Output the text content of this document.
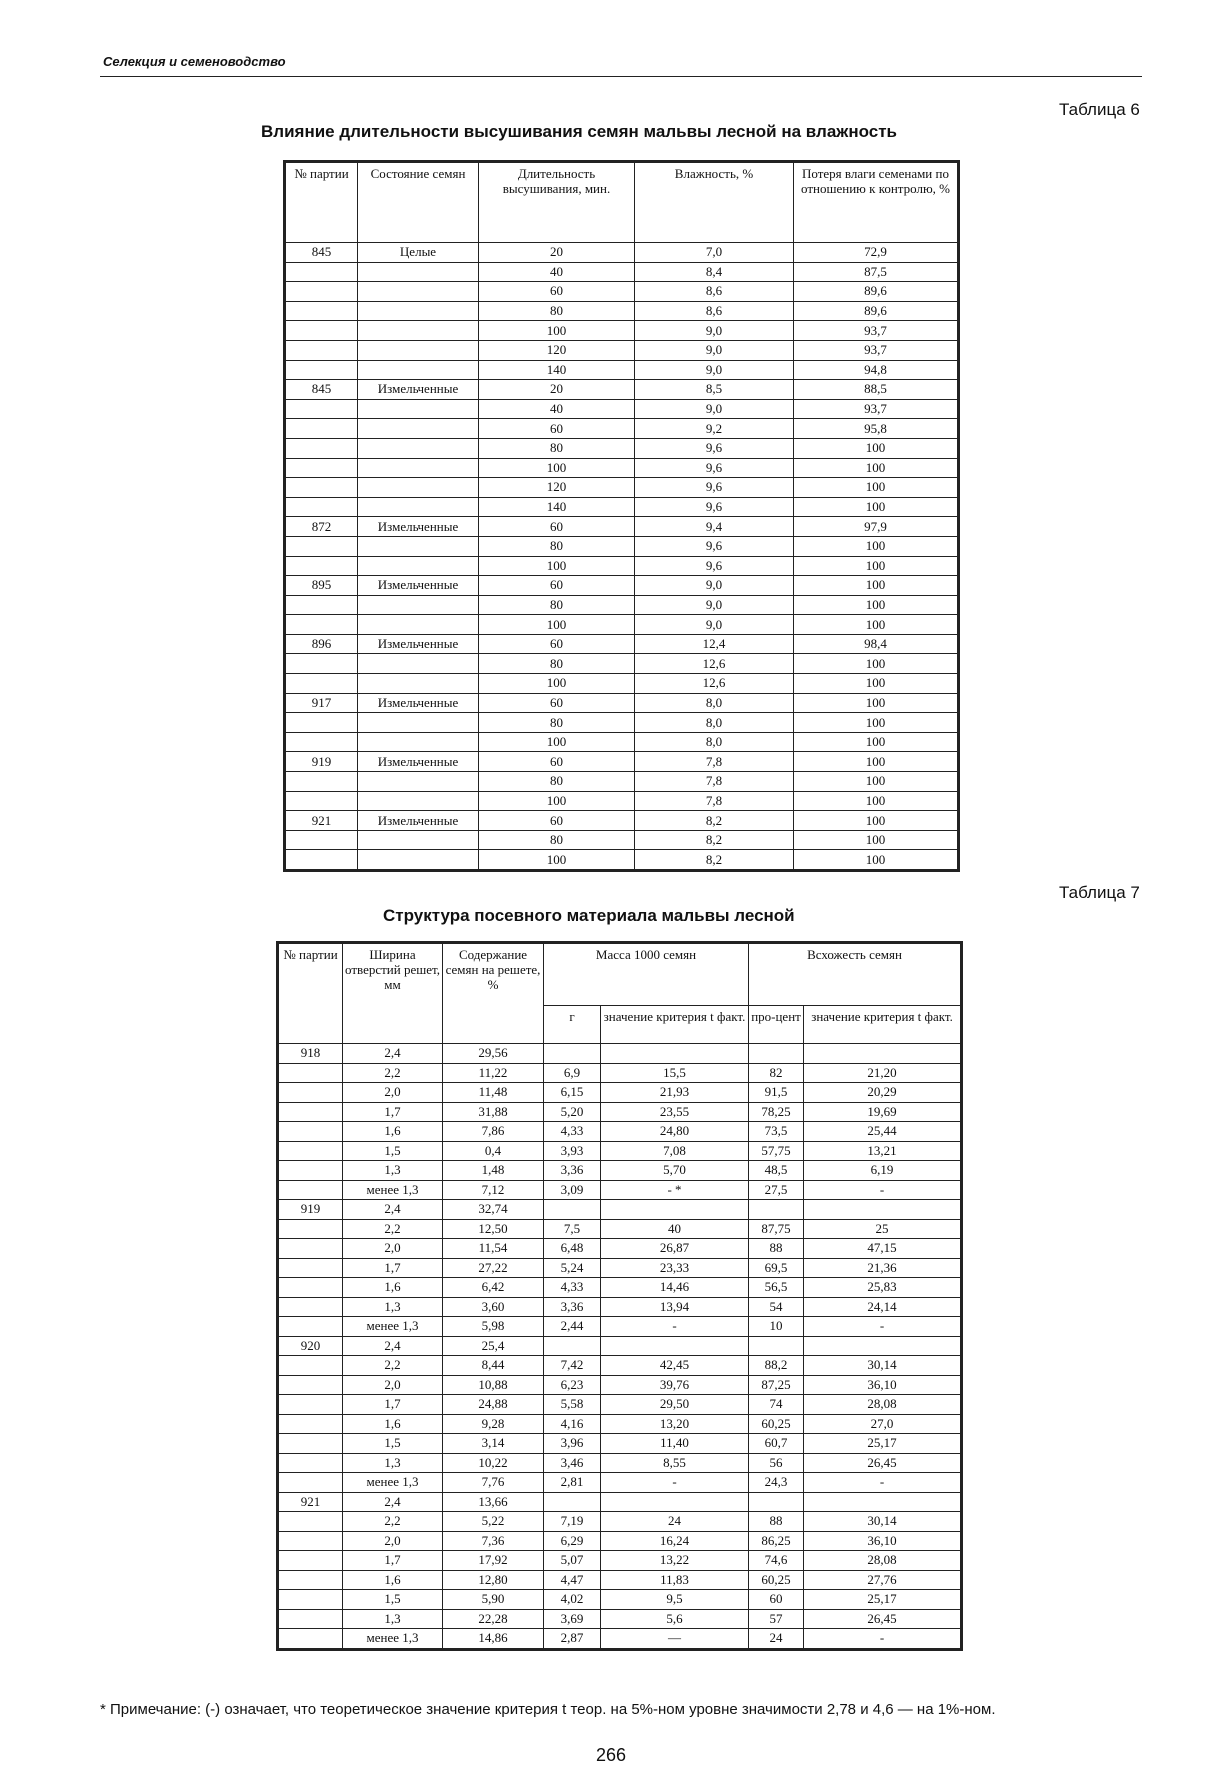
Селекция и семеноводство
Таблица 6
Влияние длительности высушивания семян мальвы лесной на влажность
№ партии	Состояние семян	Длительность высушивания, мин.	Влажность, %	Потеря влаги семенами по отношению к контролю, %
845	Целые	20	7,0	72,9
		40	8,4	87,5
		60	8,6	89,6
		80	8,6	89,6
		100	9,0	93,7
		120	9,0	93,7
		140	9,0	94,8
845	Измельченные	20	8,5	88,5
		40	9,0	93,7
		60	9,2	95,8
		80	9,6	100
		100	9,6	100
		120	9,6	100
		140	9,6	100
872	Измельченные	60	9,4	97,9
		80	9,6	100
		100	9,6	100
895	Измельченные	60	9,0	100
		80	9,0	100
		100	9,0	100
896	Измельченные	60	12,4	98,4
		80	12,6	100
		100	12,6	100
917	Измельченные	60	8,0	100
		80	8,0	100
		100	8,0	100
919	Измельченные	60	7,8	100
		80	7,8	100
		100	7,8	100
921	Измельченные	60	8,2	100
		80	8,2	100
		100	8,2	100
Таблица 7
Структура посевного материала мальвы лесной
№ партии	Ширина отверстий решет, мм	Содержание семян на решете, %	Масса 1000 семян		Всхожесть семян	
			г	значение критерия t факт.	про-цент	значение критерия t факт.
918	2,4	29,56				
	2,2	11,22	6,9	15,5	82	21,20
	2,0	11,48	6,15	21,93	91,5	20,29
	1,7	31,88	5,20	23,55	78,25	19,69
	1,6	7,86	4,33	24,80	73,5	25,44
	1,5	0,4	3,93	7,08	57,75	13,21
	1,3	1,48	3,36	5,70	48,5	6,19
	менее 1,3	7,12	3,09	- *	27,5	-
919	2,4	32,74				
	2,2	12,50	7,5	40	87,75	25
	2,0	11,54	6,48	26,87	88	47,15
	1,7	27,22	5,24	23,33	69,5	21,36
	1,6	6,42	4,33	14,46	56,5	25,83
	1,3	3,60	3,36	13,94	54	24,14
	менее 1,3	5,98	2,44	-	10	-
920	2,4	25,4				
	2,2	8,44	7,42	42,45	88,2	30,14
	2,0	10,88	6,23	39,76	87,25	36,10
	1,7	24,88	5,58	29,50	74	28,08
	1,6	9,28	4,16	13,20	60,25	27,0
	1,5	3,14	3,96	11,40	60,7	25,17
	1,3	10,22	3,46	8,55	56	26,45
	менее 1,3	7,76	2,81	-	24,3	-
921	2,4	13,66				
	2,2	5,22	7,19	24	88	30,14
	2,0	7,36	6,29	16,24	86,25	36,10
	1,7	17,92	5,07	13,22	74,6	28,08
	1,6	12,80	4,47	11,83	60,25	27,76
	1,5	5,90	4,02	9,5	60	25,17
	1,3	22,28	3,69	5,6	57	26,45
	менее 1,3	14,86	2,87	—	24	-
* Примечание: (-) означает, что теоретическое значение критерия t теор. на 5%-ном уровне значимости 2,78 и 4,6 — на 1%-ном.
266
